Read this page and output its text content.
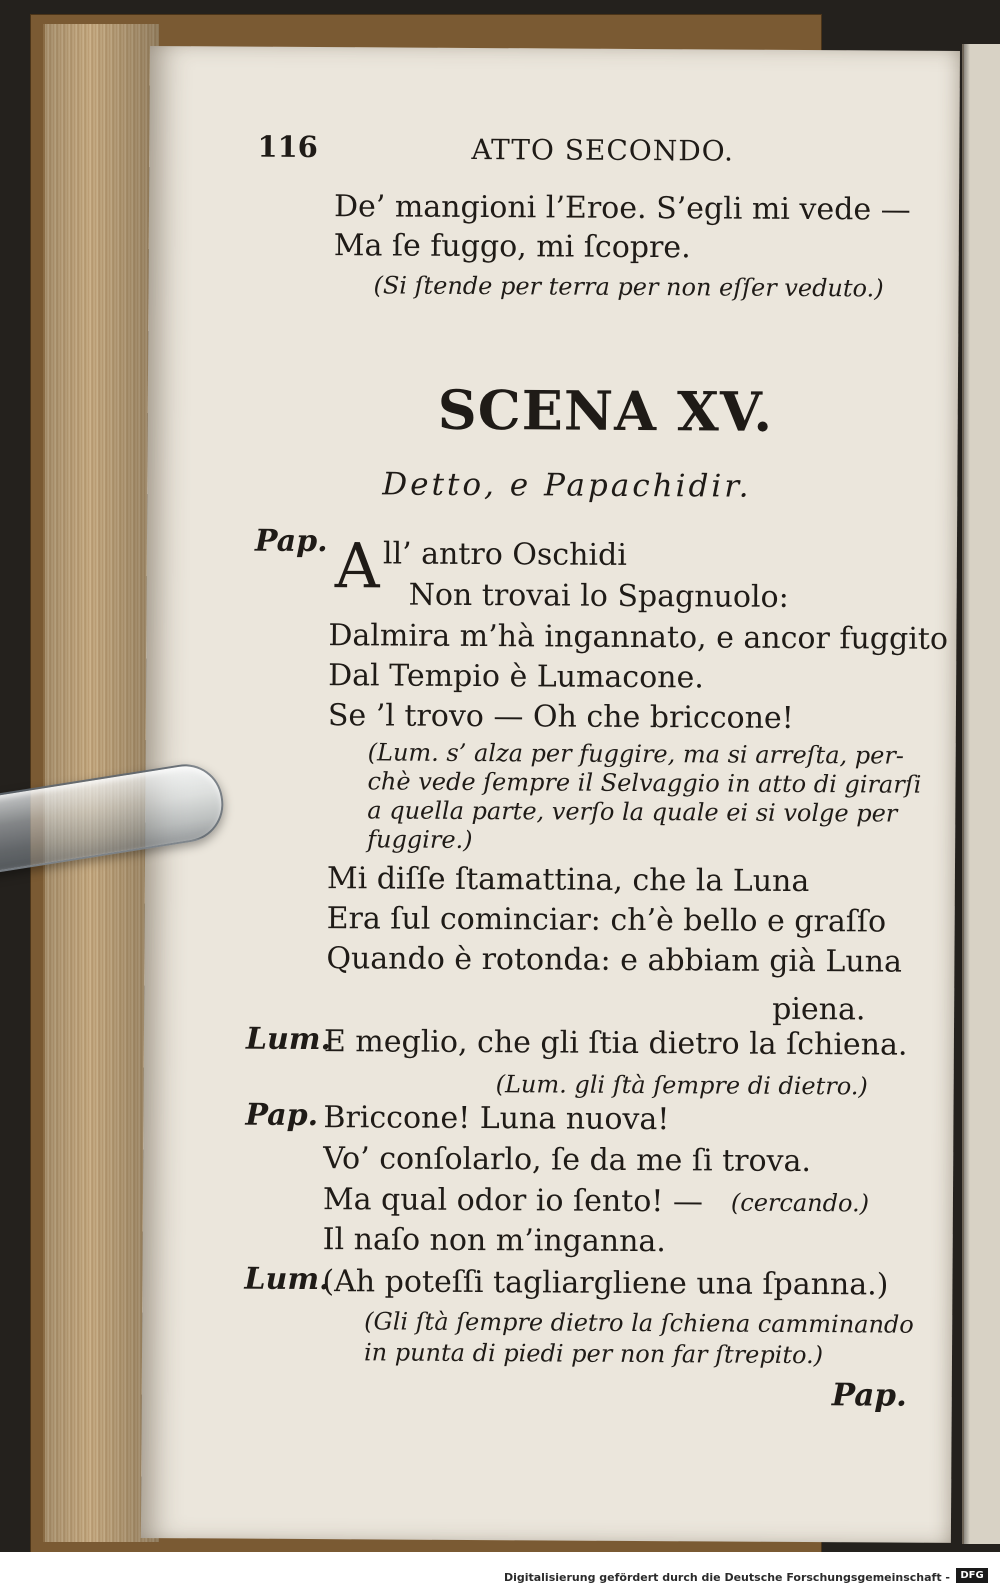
116	ATTO SECONDO.

De’ mangioni l’Eroe. S’egli mi vede —

Ma ſe fuggo, mi ſcopre.

(Si ſtende per terra per non eſſer veduto.)

SCENA XV.

Detto, e Papachidir.

Pap. A ll’ antro Oschidi

Non trovai lo Spagnuolo:

Dalmira m’hà ingannato, e ancor fuggito

Dal Tempio è Lumacone.

Se ’l trovo — Oh che briccone!

(Lum. s’ alza per fuggire, ma si arreſta, per-

chè vede ſempre il Selvaggio in atto di girarſi

a quella parte, verſo la quale ei si volge per

fuggire.)

Mi diſſe ſtamattina, che la Luna

Era ſul cominciar: ch’è bello e graſſo

Quando è rotonda: e abbiam già Luna

piena.

Lum.

E meglio, che gli ſtia dietro la ſchiena.

(Lum. gli ſtà ſempre di dietro.)

Pap. Briccone! Luna nuova!

Vo’ conſolarlo, ſe da me ſi trova.

Ma qual odor io ſento! — (cercando.)

Il naſo non m’inganna.

Lum.

(Ah poteſſi tagliargliene una ſpanna.)

(Gli ſtà ſempre dietro la ſchiena camminando

in punta di piedi per non far ſtrepito.)

Pap.
Digitalisierung gefördert durch die Deutsche Forschungsgemeinschaft -	DFG
